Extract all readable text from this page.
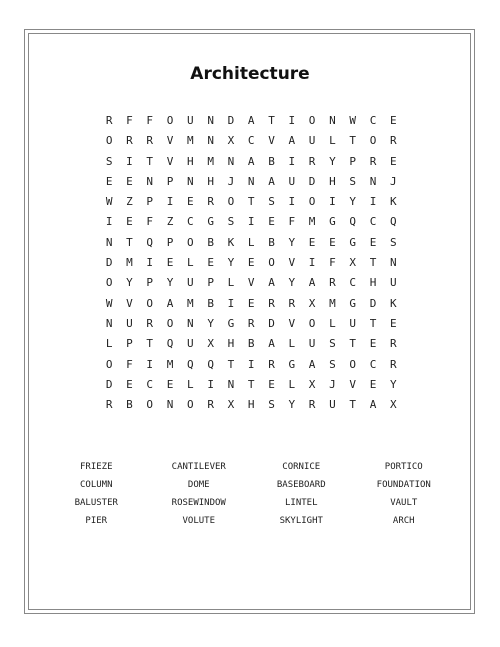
Architecture
R	F	F	O	U	N	D	A	T	I	O	N	W	C	E
O	R	R	V	M	N	X	C	V	A	U	L	T	O	R
S	I	T	V	H	M	N	A	B	I	R	Y	P	R	E
E	E	N	P	N	H	J	N	A	U	D	H	S	N	J
W	Z	P	I	E	R	O	T	S	I	O	I	Y	I	K
I	E	F	Z	C	G	S	I	E	F	M	G	Q	C	Q
N	T	Q	P	O	B	K	L	B	Y	E	E	G	E	S
D	M	I	E	L	E	Y	E	O	V	I	F	X	T	N
O	Y	P	Y	U	P	L	V	A	Y	A	R	C	H	U
W	V	O	A	M	B	I	E	R	R	X	M	G	D	K
N	U	R	O	N	Y	G	R	D	V	O	L	U	T	E
L	P	T	Q	U	X	H	B	A	L	U	S	T	E	R
O	F	I	M	Q	Q	T	I	R	G	A	S	O	C	R
D	E	C	E	L	I	N	T	E	L	X	J	V	E	Y
R	B	O	N	O	R	X	H	S	Y	R	U	T	A	X
FRIEZE	CANTILEVER	CORNICE	PORTICO
COLUMN	DOME	BASEBOARD	FOUNDATION
BALUSTER	ROSEWINDOW	LINTEL	VAULT
PIER	VOLUTE	SKYLIGHT	ARCH
